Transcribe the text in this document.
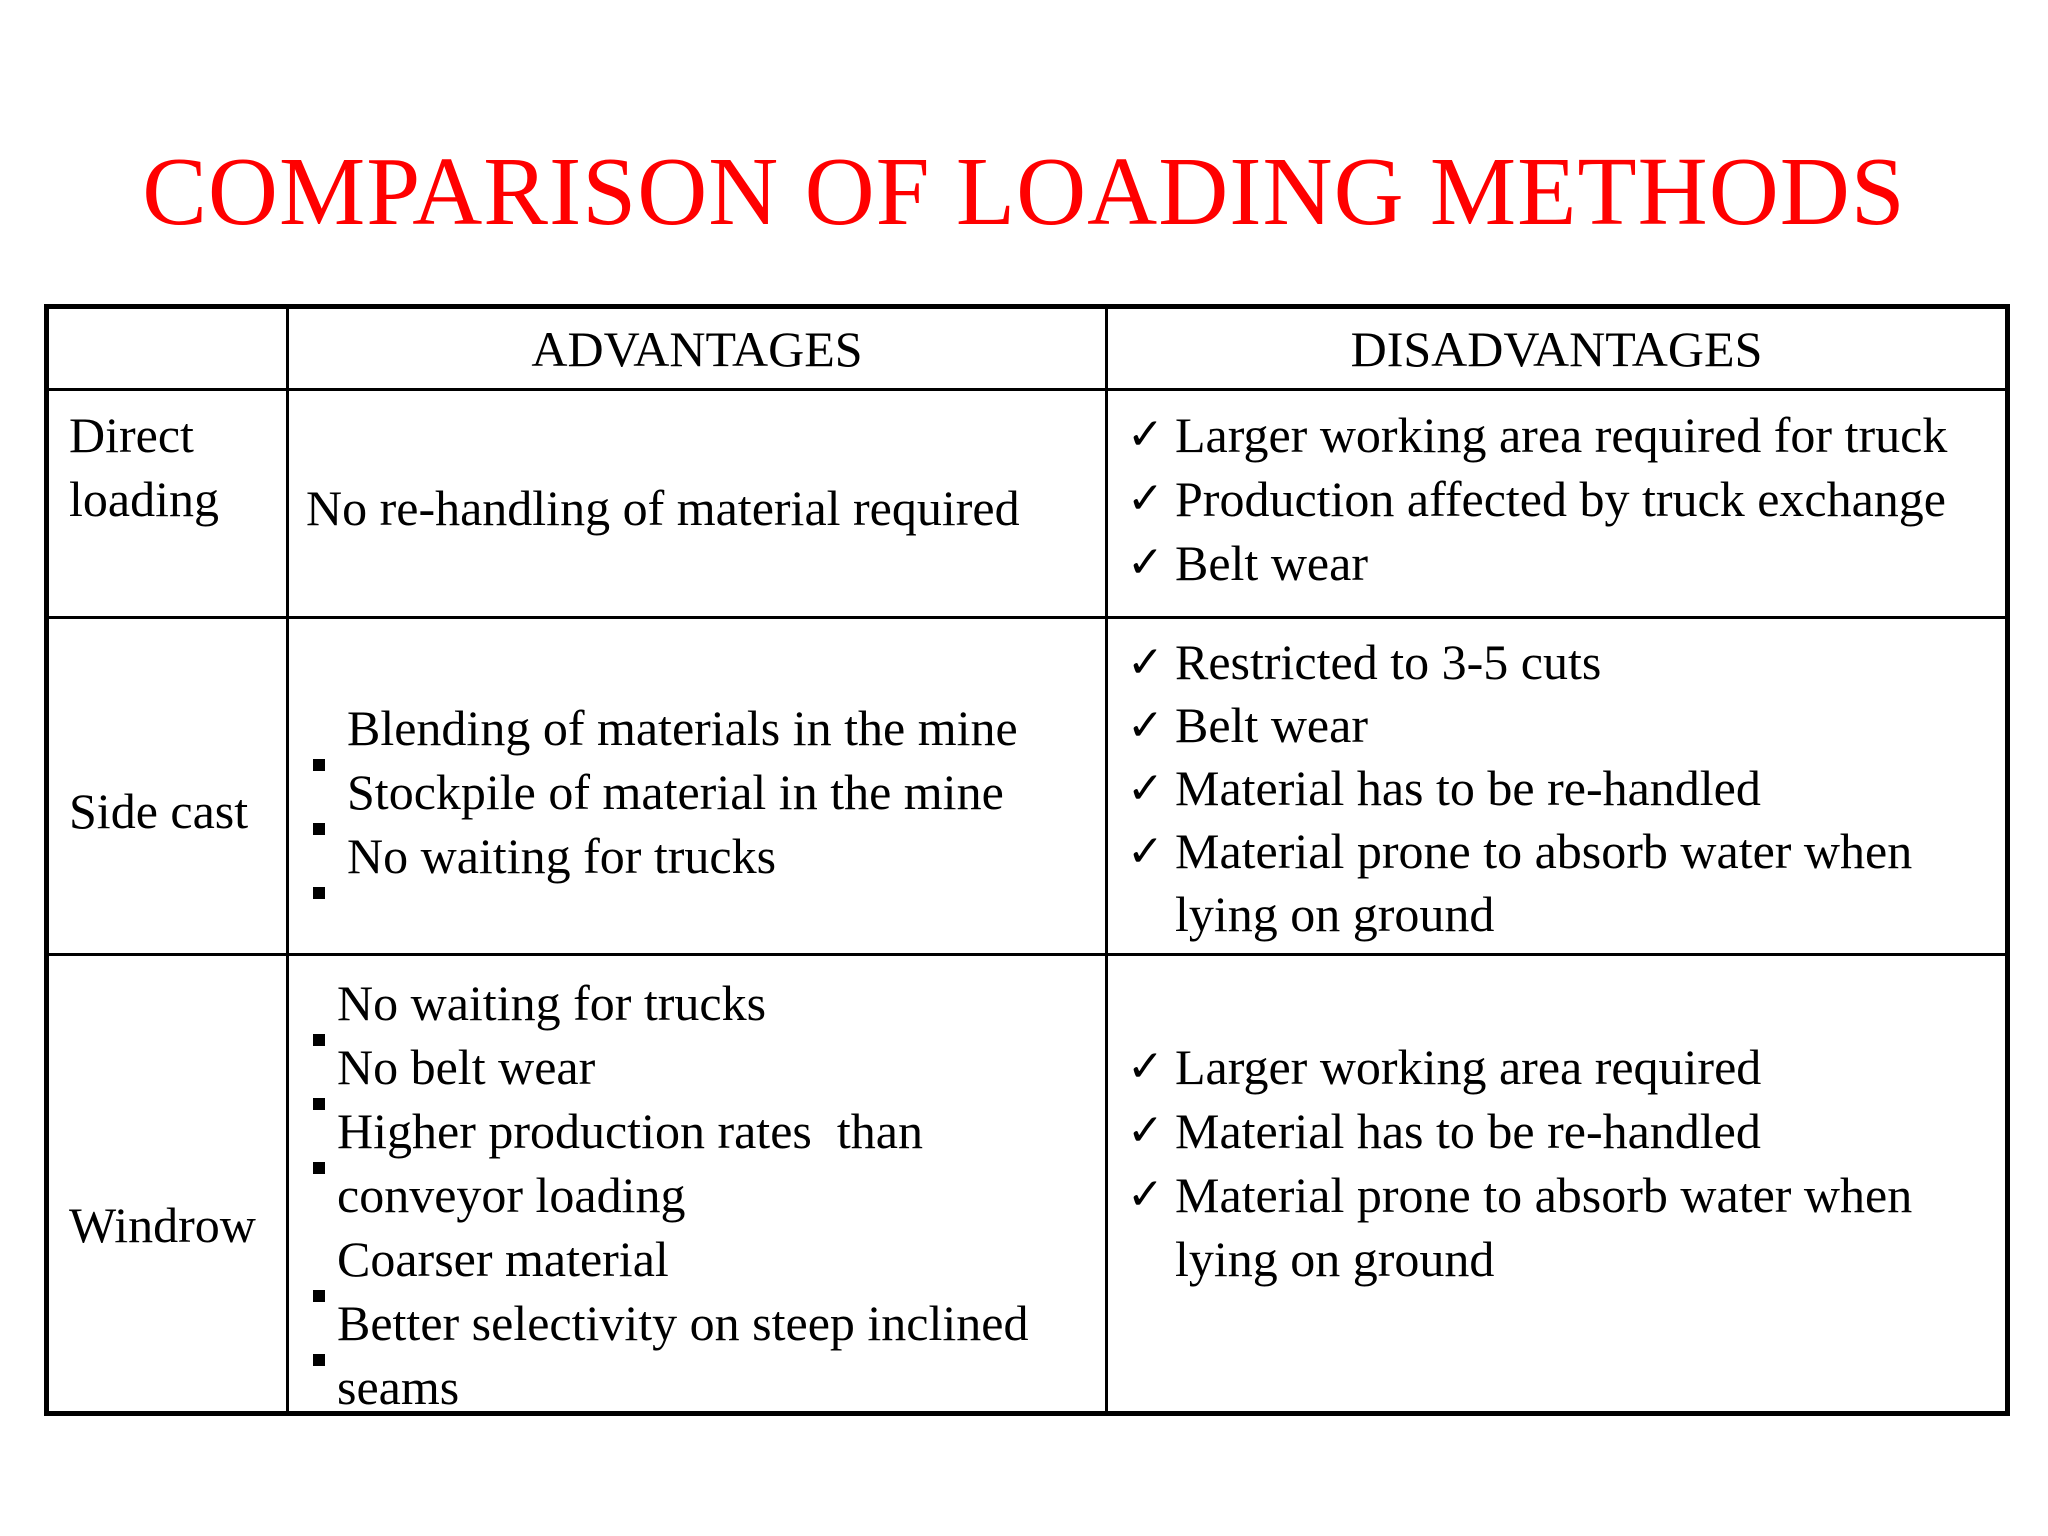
COMPARISON OF LOADING METHODS
ADVANTAGES	DISADVANTAGES
Direct
loading No re-handling of material required
✓ Larger working area required for truck
✓ Production affected by truck exchange
✓ Belt wear
Side cast
Blending of materials in the mine
Stockpile of material in the mine
No waiting for trucks
✓ Restricted to 3-5 cuts
✓ Belt wear
✓ Material has to be re-handled
✓ Material prone to absorb water when
lying on ground
Windrow
No waiting for trucks
No belt wear
Higher production rates  than
conveyor loading
Coarser material
Better selectivity on steep inclined
seams
✓ Larger working area required
✓ Material has to be re-handled
✓ Material prone to absorb water when
lying on ground
